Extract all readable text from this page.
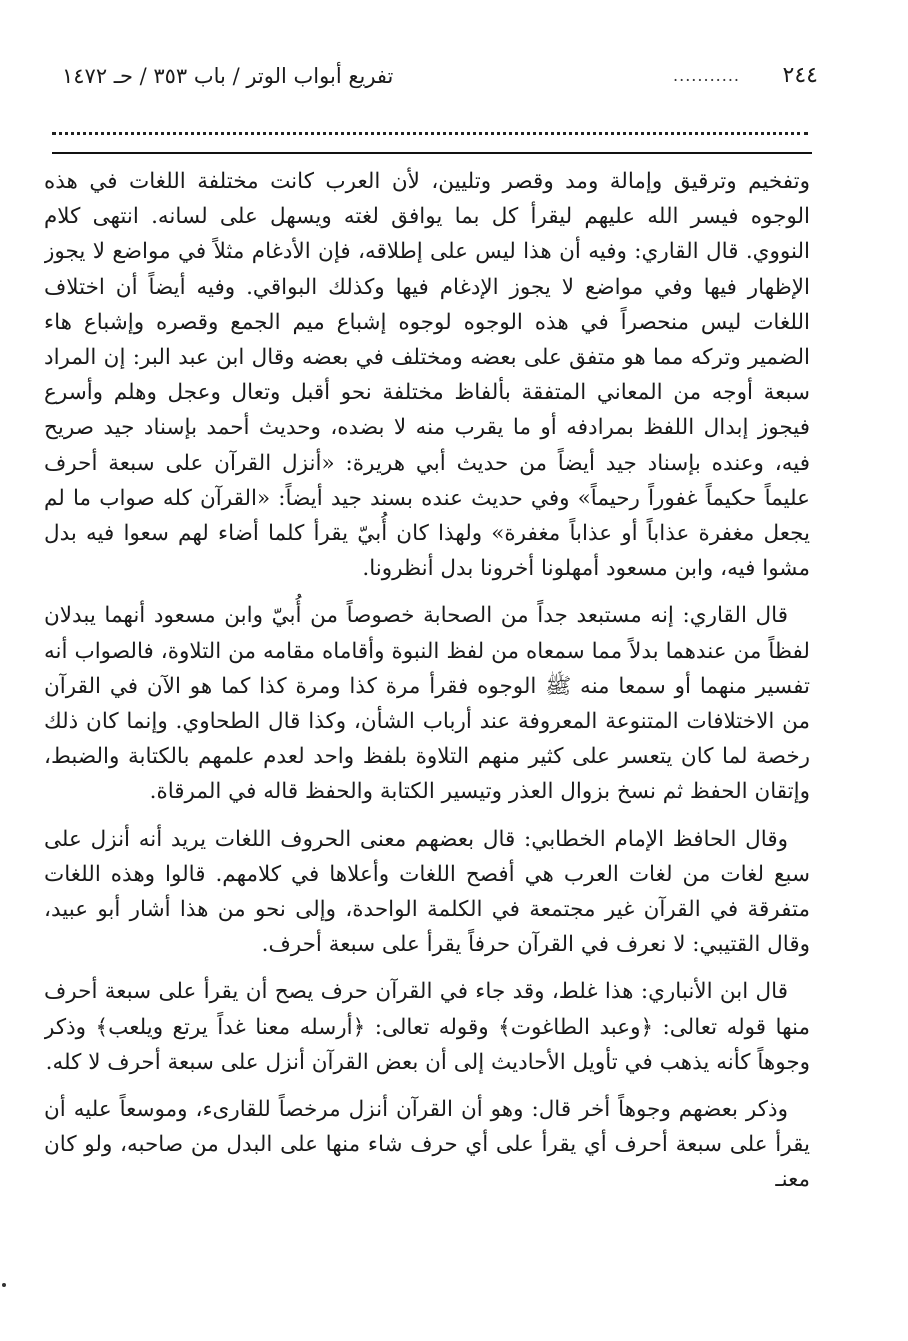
٢٤٤
...........
تفريع أبواب الوتر / باب ٣٥٣ / حـ ١٤٧٢

وتفخيم وترقيق وإمالة ومد وقصر وتليين، لأن العرب كانت مختلفة اللغات في هذه الوجوه فيسر الله عليهم ليقرأ كل بما يوافق لغته ويسهل على لسانه. انتهى كلام النووي. قال القاري: وفيه أن هذا ليس على إطلاقه، فإن الأدغام مثلاً في مواضع لا يجوز الإظهار فيها وفي مواضع لا يجوز الإدغام فيها وكذلك البواقي. وفيه أيضاً أن اختلاف اللغات ليس منحصراً في هذه الوجوه لوجوه إشباع ميم الجمع وقصره وإشباع هاء الضمير وتركه مما هو متفق على بعضه ومختلف في بعضه وقال ابن عبد البر: إن المراد سبعة أوجه من المعاني المتفقة بألفاظ مختلفة نحو أقبل وتعال وعجل وهلم وأسرع فيجوز إبدال اللفظ بمرادفه أو ما يقرب منه لا بضده، وحديث أحمد بإسناد جيد صريح فيه، وعنده بإسناد جيد أيضاً من حديث أبي هريرة: «أنزل القرآن على سبعة أحرف عليماً حكيماً غفوراً رحيماً» وفي حديث عنده بسند جيد أيضاً: «القرآن كله صواب ما لم يجعل مغفرة عذاباً أو عذاباً مغفرة» ولهذا كان أُبيّ يقرأ كلما أضاء لهم سعوا فيه بدل مشوا فيه، وابن مسعود أمهلونا أخرونا بدل أنظرونا.

قال القاري: إنه مستبعد جداً من الصحابة خصوصاً من أُبيّ وابن مسعود أنهما يبدلان لفظاً من عندهما بدلاً مما سمعاه من لفظ النبوة وأقاماه مقامه من التلاوة، فالصواب أنه تفسير منهما أو سمعا منه ﷺ الوجوه فقرأ مرة كذا ومرة كذا كما هو الآن في القرآن من الاختلافات المتنوعة المعروفة عند أرباب الشأن، وكذا قال الطحاوي. وإنما كان ذلك رخصة لما كان يتعسر على كثير منهم التلاوة بلفظ واحد لعدم علمهم بالكتابة والضبط، وإتقان الحفظ ثم نسخ بزوال العذر وتيسير الكتابة والحفظ قاله في المرقاة.

وقال الحافظ الإمام الخطابي: قال بعضهم معنى الحروف اللغات يريد أنه أنزل على سبع لغات من لغات العرب هي أفصح اللغات وأعلاها في كلامهم. قالوا وهذه اللغات متفرقة في القرآن غير مجتمعة في الكلمة الواحدة، وإلى نحو من هذا أشار أبو عبيد، وقال القتيبي: لا نعرف في القرآن حرفاً يقرأ على سبعة أحرف.

قال ابن الأنباري: هذا غلط، وقد جاء في القرآن حرف يصح أن يقرأ على سبعة أحرف منها قوله تعالى: ﴿وعبد الطاغوت﴾ وقوله تعالى: ﴿أرسله معنا غداً يرتع ويلعب﴾ وذكر وجوهاً كأنه يذهب في تأويل الأحاديث إلى أن بعض القرآن أنزل على سبعة أحرف لا كله.

وذكر بعضهم وجوهاً أخر قال: وهو أن القرآن أنزل مرخصاً للقارىء، وموسعاً عليه أن يقرأ على سبعة أحرف أي يقرأ على أي حرف شاء منها على البدل من صاحبه، ولو كان معنـ
